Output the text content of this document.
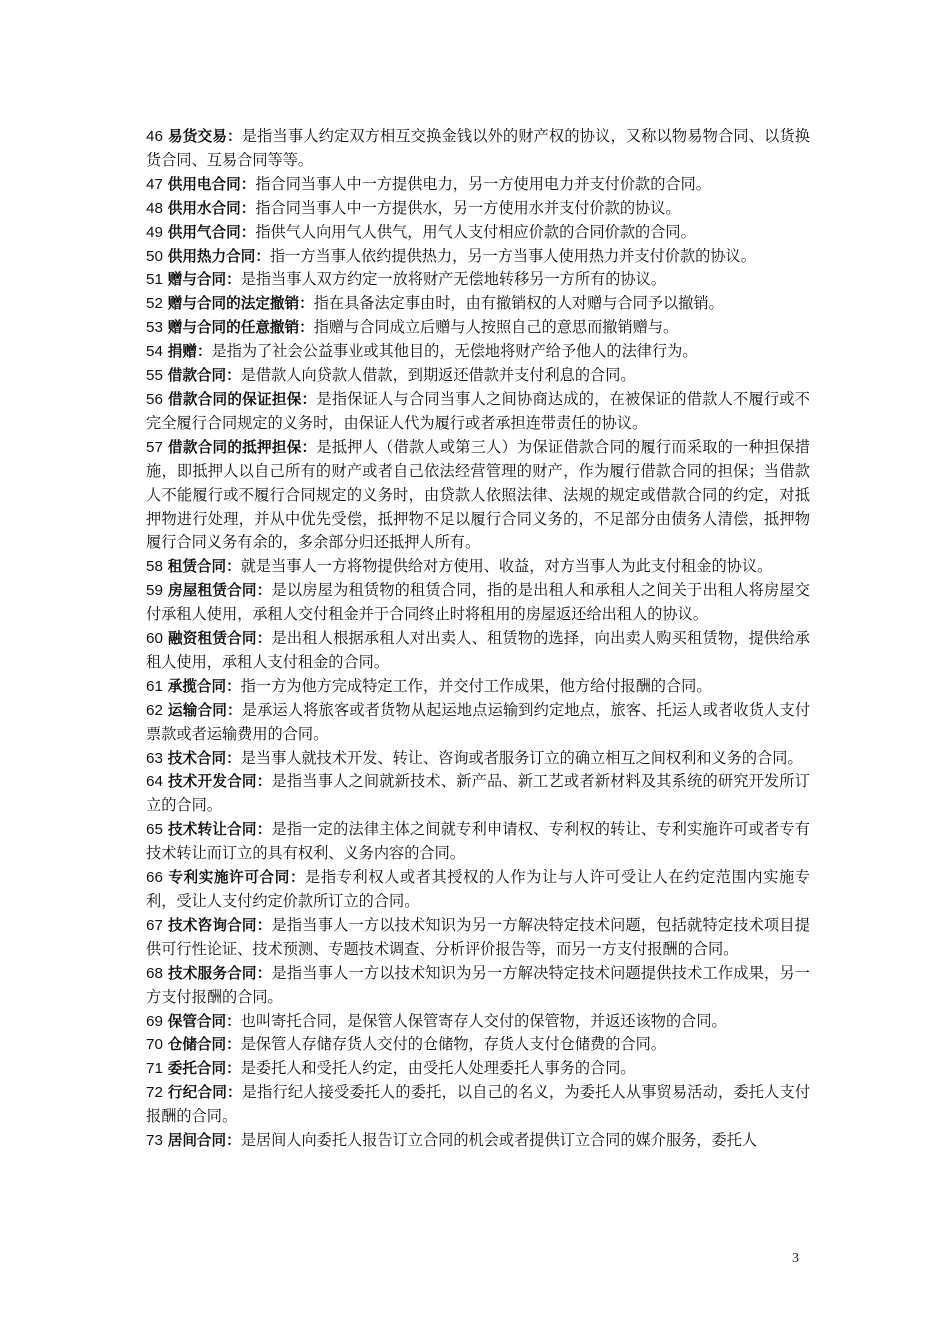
46 易货交易：是指当事人约定双方相互交换金钱以外的财产权的协议，又称以物易物合同、以货换货合同、互易合同等等。

47 供用电合同：指合同当事人中一方提供电力，另一方使用电力并支付价款的合同。

48 供用水合同：指合同当事人中一方提供水，另一方使用水并支付价款的协议。

49 供用气合同：指供气人向用气人供气，用气人支付相应价款的合同价款的合同。

50 供用热力合同：指一方当事人依约提供热力，另一方当事人使用热力并支付价款的协议。

51 赠与合同：是指当事人双方约定一放将财产无偿地转移另一方所有的协议。

52 赠与合同的法定撤销：指在具备法定事由时，由有撤销权的人对赠与合同予以撤销。

53 赠与合同的任意撤销：指赠与合同成立后赠与人按照自己的意思而撤销赠与。

54 捐赠：是指为了社会公益事业或其他目的，无偿地将财产给予他人的法律行为。

55 借款合同：是借款人向贷款人借款，到期返还借款并支付利息的合同。

56 借款合同的保证担保：是指保证人与合同当事人之间协商达成的，在被保证的借款人不履行或不完全履行合同规定的义务时，由保证人代为履行或者承担连带责任的协议。

57 借款合同的抵押担保：是抵押人（借款人或第三人）为保证借款合同的履行而采取的一种担保措施，即抵押人以自己所有的财产或者自己依法经营管理的财产，作为履行借款合同的担保；当借款人不能履行或不履行合同规定的义务时，由贷款人依照法律、法规的规定或借款合同的约定，对抵押物进行处理，并从中优先受偿，抵押物不足以履行合同义务的，不足部分由债务人清偿，抵押物履行合同义务有余的，多余部分归还抵押人所有。

58 租赁合同：就是当事人一方将物提供给对方使用、收益，对方当事人为此支付租金的协议。

59 房屋租赁合同：是以房屋为租赁物的租赁合同，指的是出租人和承租人之间关于出租人将房屋交付承租人使用，承租人交付租金并于合同终止时将租用的房屋返还给出租人的协议。

60 融资租赁合同：是出租人根据承租人对出卖人、租赁物的选择，向出卖人购买租赁物，提供给承租人使用，承租人支付租金的合同。

61 承揽合同：指一方为他方完成特定工作，并交付工作成果，他方给付报酬的合同。

62 运输合同：是承运人将旅客或者货物从起运地点运输到约定地点，旅客、托运人或者收货人支付票款或者运输费用的合同。

63 技术合同：是当事人就技术开发、转让、咨询或者服务订立的确立相互之间权利和义务的合同。

64 技术开发合同：是指当事人之间就新技术、新产品、新工艺或者新材料及其系统的研究开发所订立的合同。

65 技术转让合同：是指一定的法律主体之间就专利申请权、专利权的转让、专利实施许可或者专有技术转让而订立的具有权利、义务内容的合同。

66 专利实施许可合同：是指专利权人或者其授权的人作为让与人许可受让人在约定范围内实施专利，受让人支付约定价款所订立的合同。

67 技术咨询合同：是指当事人一方以技术知识为另一方解决特定技术问题，包括就特定技术项目提供可行性论证、技术预测、专题技术调查、分析评价报告等，而另一方支付报酬的合同。

68 技术服务合同：是指当事人一方以技术知识为另一方解决特定技术问题提供技术工作成果，另一方支付报酬的合同。

69 保管合同：也叫寄托合同，是保管人保管寄存人交付的保管物，并返还该物的合同。

70 仓储合同：是保管人存储存货人交付的仓储物，存货人支付仓储费的合同。

71 委托合同：是委托人和受托人约定，由受托人处理委托人事务的合同。

72 行纪合同：是指行纪人接受委托人的委托，以自己的名义，为委托人从事贸易活动，委托人支付报酬的合同。

73 居间合同：是居间人向委托人报告订立合同的机会或者提供订立合同的媒介服务，委托人

3
